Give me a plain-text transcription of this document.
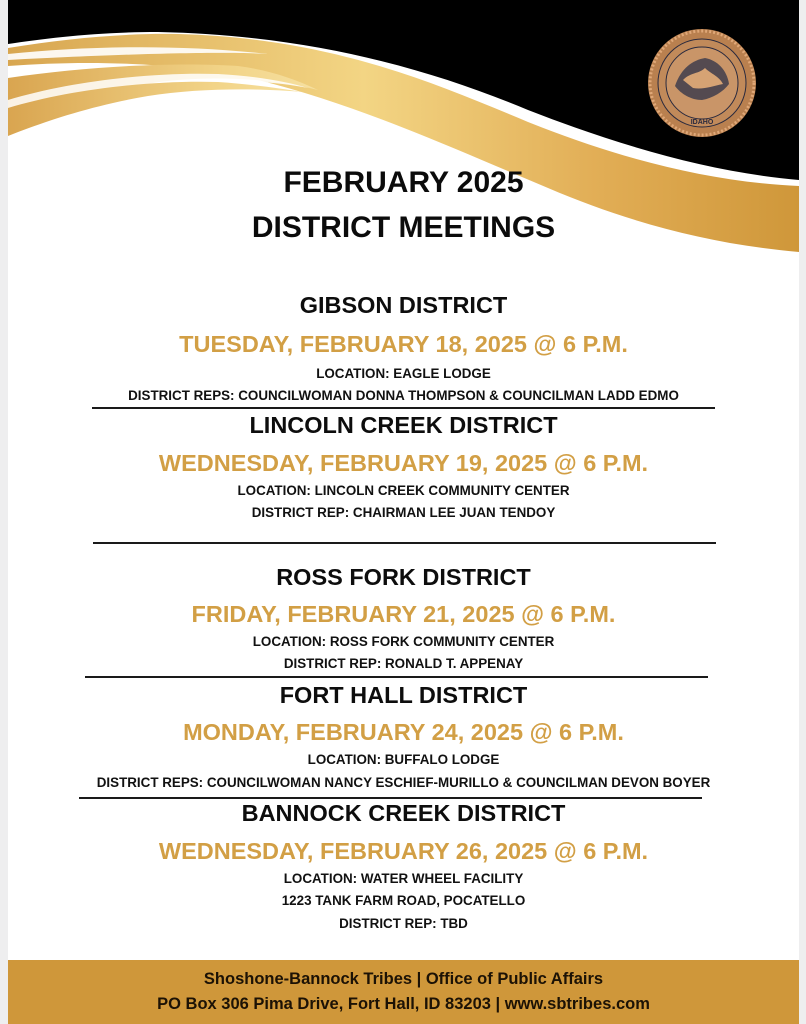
IDAHO
FEBRUARY 2025
DISTRICT MEETINGS
GIBSON DISTRICT
TUESDAY, FEBRUARY 18, 2025 @ 6 P.M.
LOCATION: EAGLE LODGE
DISTRICT REPS: COUNCILWOMAN DONNA THOMPSON & COUNCILMAN LADD EDMO
LINCOLN CREEK DISTRICT
WEDNESDAY, FEBRUARY 19, 2025 @ 6 P.M.
LOCATION: LINCOLN CREEK COMMUNITY CENTER
DISTRICT REP: CHAIRMAN LEE JUAN TENDOY
ROSS FORK DISTRICT
FRIDAY, FEBRUARY 21, 2025 @ 6 P.M.
LOCATION: ROSS FORK COMMUNITY CENTER
DISTRICT REP: RONALD T. APPENAY
FORT HALL DISTRICT
MONDAY, FEBRUARY 24, 2025 @ 6 P.M.
LOCATION: BUFFALO LODGE
DISTRICT REPS: COUNCILWOMAN NANCY ESCHIEF-MURILLO & COUNCILMAN DEVON BOYER
BANNOCK CREEK DISTRICT
WEDNESDAY, FEBRUARY 26, 2025 @ 6 P.M.
LOCATION: WATER WHEEL FACILITY
1223 TANK FARM ROAD, POCATELLO
DISTRICT REP: TBD
Shoshone-Bannock Tribes | Office of Public Affairs
PO Box 306 Pima Drive, Fort Hall, ID 83203 | www.sbtribes.com
